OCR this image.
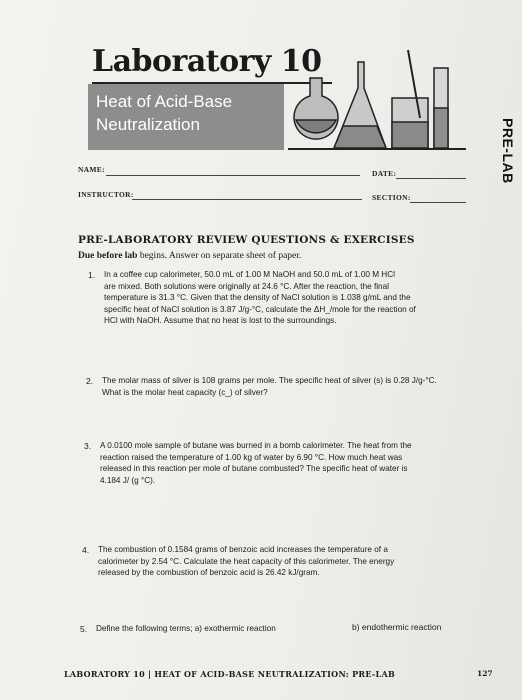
Laboratory 10
Heat of Acid-Base
Neutralization	PRE-LAB
NAME:	DATE:
INSTRUCTOR:	SECTION:
PRE-LABORATORY REVIEW QUESTIONS & EXERCISES
Due before lab begins. Answer on separate sheet of paper.
1. In a coffee cup calorimeter, 50.0 mL of 1.00 M NaOH and 50.0 mL of 1.00 M HCl
are mixed. Both solutions were originally at 24.6 °C. After the reaction, the final
temperature is 31.3 °C. Given that the density of NaCl solution is 1.038 g/mL and the
specific heat of NaCl solution is 3.87 J/g-°C, calculate the ΔH_/mole for the reaction of
HCl with NaOH. Assume that no heat is lost to the surroundings.
2. The molar mass of silver is 108 grams per mole. The specific heat of silver (s) is 0.28 J/g-°C.
What is the molar heat capacity (c_) of silver?
3. A 0.0100 mole sample of butane was burned in a bomb calorimeter. The heat from the
reaction raised the temperature of 1.00 kg of water by 6.90 °C. How much heat was
released in this reaction per mole of butane combusted? The specific heat of water is
4.184 J/ (g °C).
4. The combustion of 0.1584 grams of benzoic acid increases the temperature of a
calorimeter by 2.54 °C. Calculate the heat capacity of this calorimeter. The energy
released by the combustion of benzoic acid is 26.42 kJ/gram.
5. Define the following terms; a) exothermic reaction	b) endothermic reaction
LABORATORY 10 | HEAT OF ACID-BASE NEUTRALIZATION: PRE-LAB	127
